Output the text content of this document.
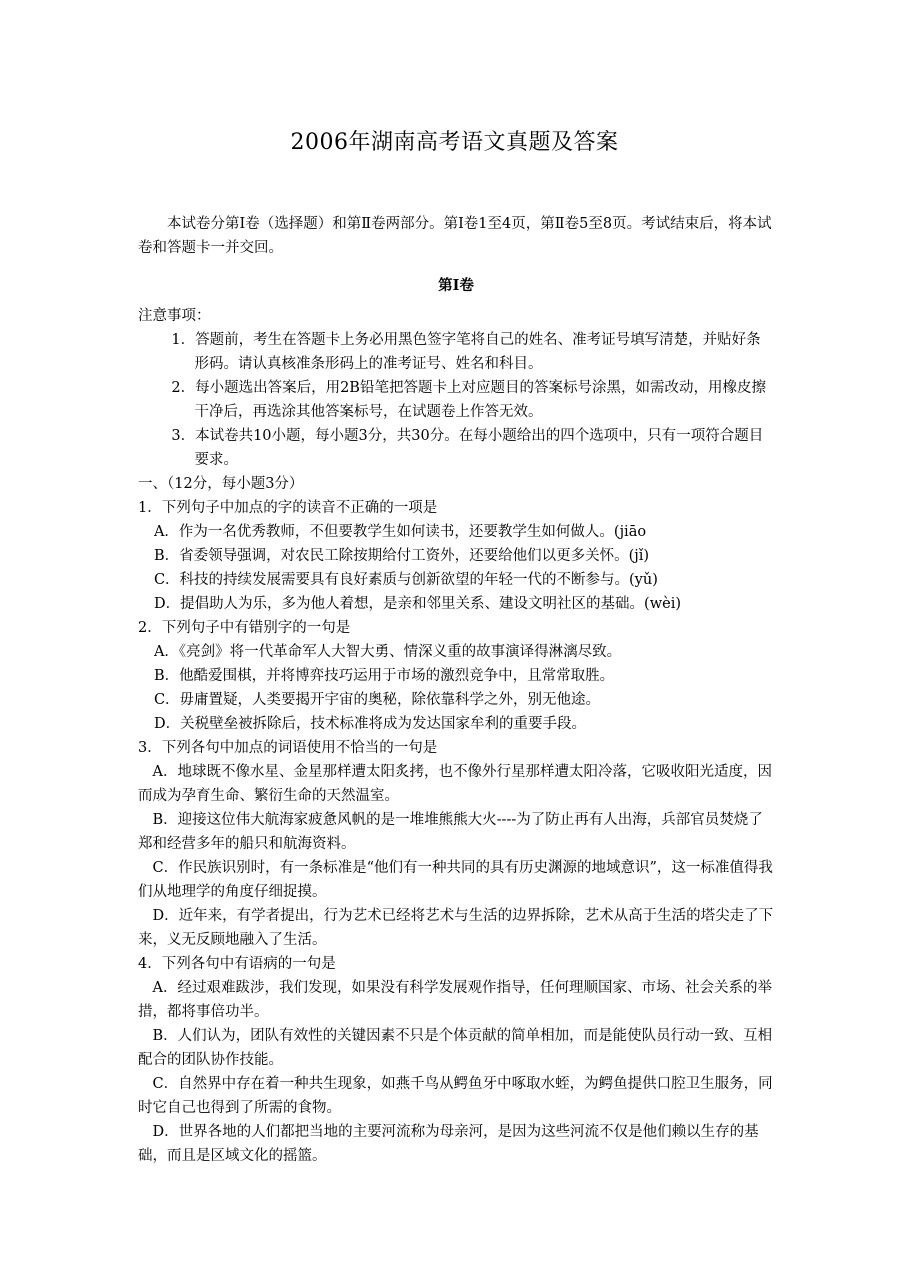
2006年湖南高考语文真题及答案

本试卷分第Ⅰ卷（选择题）和第Ⅱ卷两部分。第Ⅰ卷1至4页，第Ⅱ卷5至8页。考试结束后，将本试卷和答题卡一并交回。

第Ⅰ卷

注意事项：

1．答题前，考生在答题卡上务必用黑色签字笔将自己的姓名、准考证号填写清楚，并贴好条形码。请认真核准条形码上的准考证号、姓名和科目。

2．每小题选出答案后，用2B铅笔把答题卡上对应题目的答案标号涂黑，如需改动，用橡皮擦干净后，再选涂其他答案标号，在试题卷上作答无效。

3．本试卷共10小题，每小题3分，共30分。在每小题给出的四个选项中，只有一项符合题目要求。

一、（12分，每小题3分）

1．下列句子中加点的字的读音不正确的一项是

A．作为一名优秀教师，不但要教学生如何读书，还要教学生如何做人。(jiāo

B．省委领导强调，对农民工除按期给付工资外，还要给他们以更多关怀。(jǐ)

C．科技的持续发展需要具有良好素质与创新欲望的年轻一代的不断参与。(yǔ)

D．提倡助人为乐，多为他人着想，是亲和邻里关系、建设文明社区的基础。(wèi)

2．下列句子中有错别字的一句是

A．《亮剑》将一代革命军人大智大勇、情深义重的故事演译得淋漓尽致。

B．他酷爱围棋，并将博弈技巧运用于市场的激烈竞争中，且常常取胜。

C．毋庸置疑，人类要揭开宇宙的奥秘，除依靠科学之外，别无他途。

D．关税壁垒被拆除后，技术标准将成为发达国家牟利的重要手段。

3．下列各句中加点的词语使用不恰当的一句是

A．地球既不像水星、金星那样遭太阳炙拷，也不像外行星那样遭太阳冷落，它吸收阳光适度，因而成为孕育生命、繁衍生命的天然温室。

B．迎接这位伟大航海家疲惫风帆的是一堆堆熊熊大火----为了防止再有人出海，兵部官员焚烧了郑和经营多年的船只和航海资料。

C．作民族识别时，有一条标准是“他们有一种共同的具有历史渊源的地域意识”，这一标准值得我们从地理学的角度仔细捉摸。

D．近年来，有学者提出，行为艺术已经将艺术与生活的边界拆除，艺术从高于生活的塔尖走了下来，义无反顾地融入了生活。

4．下列各句中有语病的一句是

A．经过艰难跋涉，我们发现，如果没有科学发展观作指导，任何理顺国家、市场、社会关系的举措，都将事倍功半。

B．人们认为，团队有效性的关键因素不只是个体贡献的简单相加，而是能使队员行动一致、互相配合的团队协作技能。

C．自然界中存在着一种共生现象，如燕千鸟从鳄鱼牙中啄取水蛭，为鳄鱼提供口腔卫生服务，同时它自己也得到了所需的食物。

D．世界各地的人们都把当地的主要河流称为母亲河，是因为这些河流不仅是他们赖以生存的基础，而且是区域文化的摇篮。
